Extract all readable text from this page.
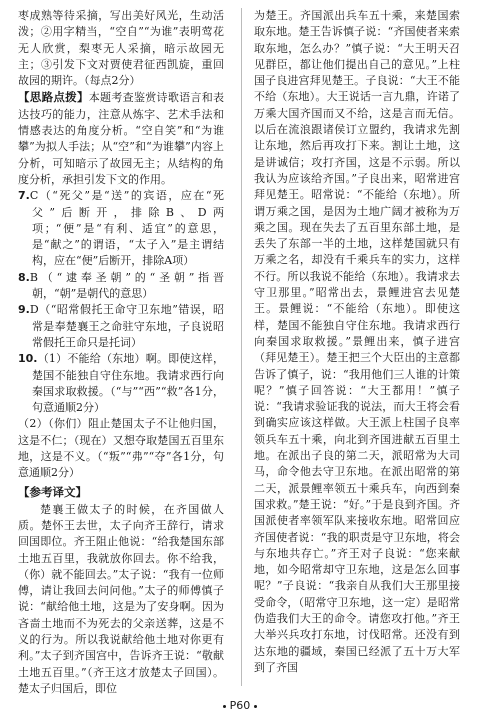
枣成熟等待采摘，写出美好风光，生动活泼；②用字精当，“空自”“为谁”表明莺花无人欣赏，梨枣无人采摘，暗示故园无主；③引发下文对贾使君征西凯旋，重回故园的期许。（每点2分）

【思路点拨】本题考查鉴赏诗歌语言和表达技巧的能力，注意从炼字、艺术手法和情感表达的角度分析。“空自笑”和“为谁攀”为拟人手法；从“空”和“为谁攀”内容上分析，可知暗示了故园无主；从结构的角度分析，承担引发下文的作用。

7.C（“死父”是“送”的宾语，应在“死父”后断开，排除B、D两项；“便”是“有利、适宜”的意思，是“献之”的谓语，“太子入”是主谓结构，应在“便”后断开，排除A项）

8.B（“逮奉圣朝”的“圣朝”指晋朝，“朝”是朝代的意思）

9.D（“昭常假托王命守卫东地”错误，昭常是奉楚襄王之命驻守东地，子良说昭常假托王命只是托词）

10.（1）不能给（东地）啊。即使这样，楚国不能独自守住东地。我请求西行向秦国求取救援。（“与”“西”“救”各1分，句意通顺2分）

（2）（你们）阻止楚国太子不让他归国，这是不仁；（现在）又想夺取楚国五百里东地，这是不义。（“叛”“弗”“夺”各1分，句意通顺2分）

【参考译文】

楚襄王做太子的时候，在齐国做人质。楚怀王去世，太子向齐王辞行，请求回国即位。齐王阻止他说：“给我楚国东部土地五百里，我就放你回去。你不给我，（你）就不能回去。”太子说：“我有一位师傅，请让我回去问问他。”太子的师傅慎子说：“献给他土地，这是为了安身啊。因为吝啬土地而不为死去的父亲送葬，这是不义的行为。所以我说献给他土地对你更有利。”太子到齐国宫中，告诉齐王说：“敬献土地五百里。”（齐王这才放楚太子回国）。楚太子归国后，即位

为楚王。齐国派出兵车五十乘，来楚国索取东地。楚王告诉慎子说：“齐国使者来索取东地，怎么办？”慎子说：“大王明天召见群臣，都让他们提出自己的意见。”上柱国子良进宫拜见楚王。子良说：“大王不能不给（东地）。大王说话一言九鼎，许诺了万乘大国齐国而又不给，这是言而无信。以后在流浪跟诸侯订立盟约，我请求先割让东地，然后再攻打下来。割让土地，这是讲诚信；攻打齐国，这是不示弱。所以我认为应该给齐国。”子良出来，昭常进宫拜见楚王。昭常说：“不能给（东地）。所谓万乘之国，是因为土地广阔才被称为万乘之国。现在失去了五百里东部土地，是丢失了东部一半的土地，这样楚国就只有万乘之名，却没有千乘兵车的实力，这样不行。所以我说不能给（东地）。我请求去守卫那里。”昭常出去，景鲤进宫去见楚王。景鲤说：“不能给（东地）。即使这样，楚国不能独自守住东地。我请求西行向秦国求取救援。”景鲤出来，慎子进宫（拜见楚王）。楚王把三个大臣出的主意都告诉了慎子，说：“我用他们三人谁的计策呢？”慎子回答说：“大王都用！”慎子说：“我请求验证我的说法，而大王将会看到确实应该这样做。大王派上柱国子良率领兵车五十乘，向北到齐国进献五百里土地。在派出子良的第二天，派昭常为大司马，命令他去守卫东地。在派出昭常的第二天，派景鲤率领五十乘兵车，向西到秦国求救。”楚王说：“好。”于是良到齐国。齐国派使者率领军队来接收东地。昭常回应齐国使者说：“我的职责是守卫东地，将会与东地共存亡。”齐王对子良说：“您来献地，如今昭常却守卫东地，这是怎么回事呢？”子良说：“我亲自从我们大王那里接受命令，（昭常守卫东地，这一定）是昭常伪造我们大王的命令。请您攻打他。”齐王大举兴兵攻打东地，讨伐昭常。还没有到达东地的疆域，秦国已经派了五十万大军到了齐国

P60
